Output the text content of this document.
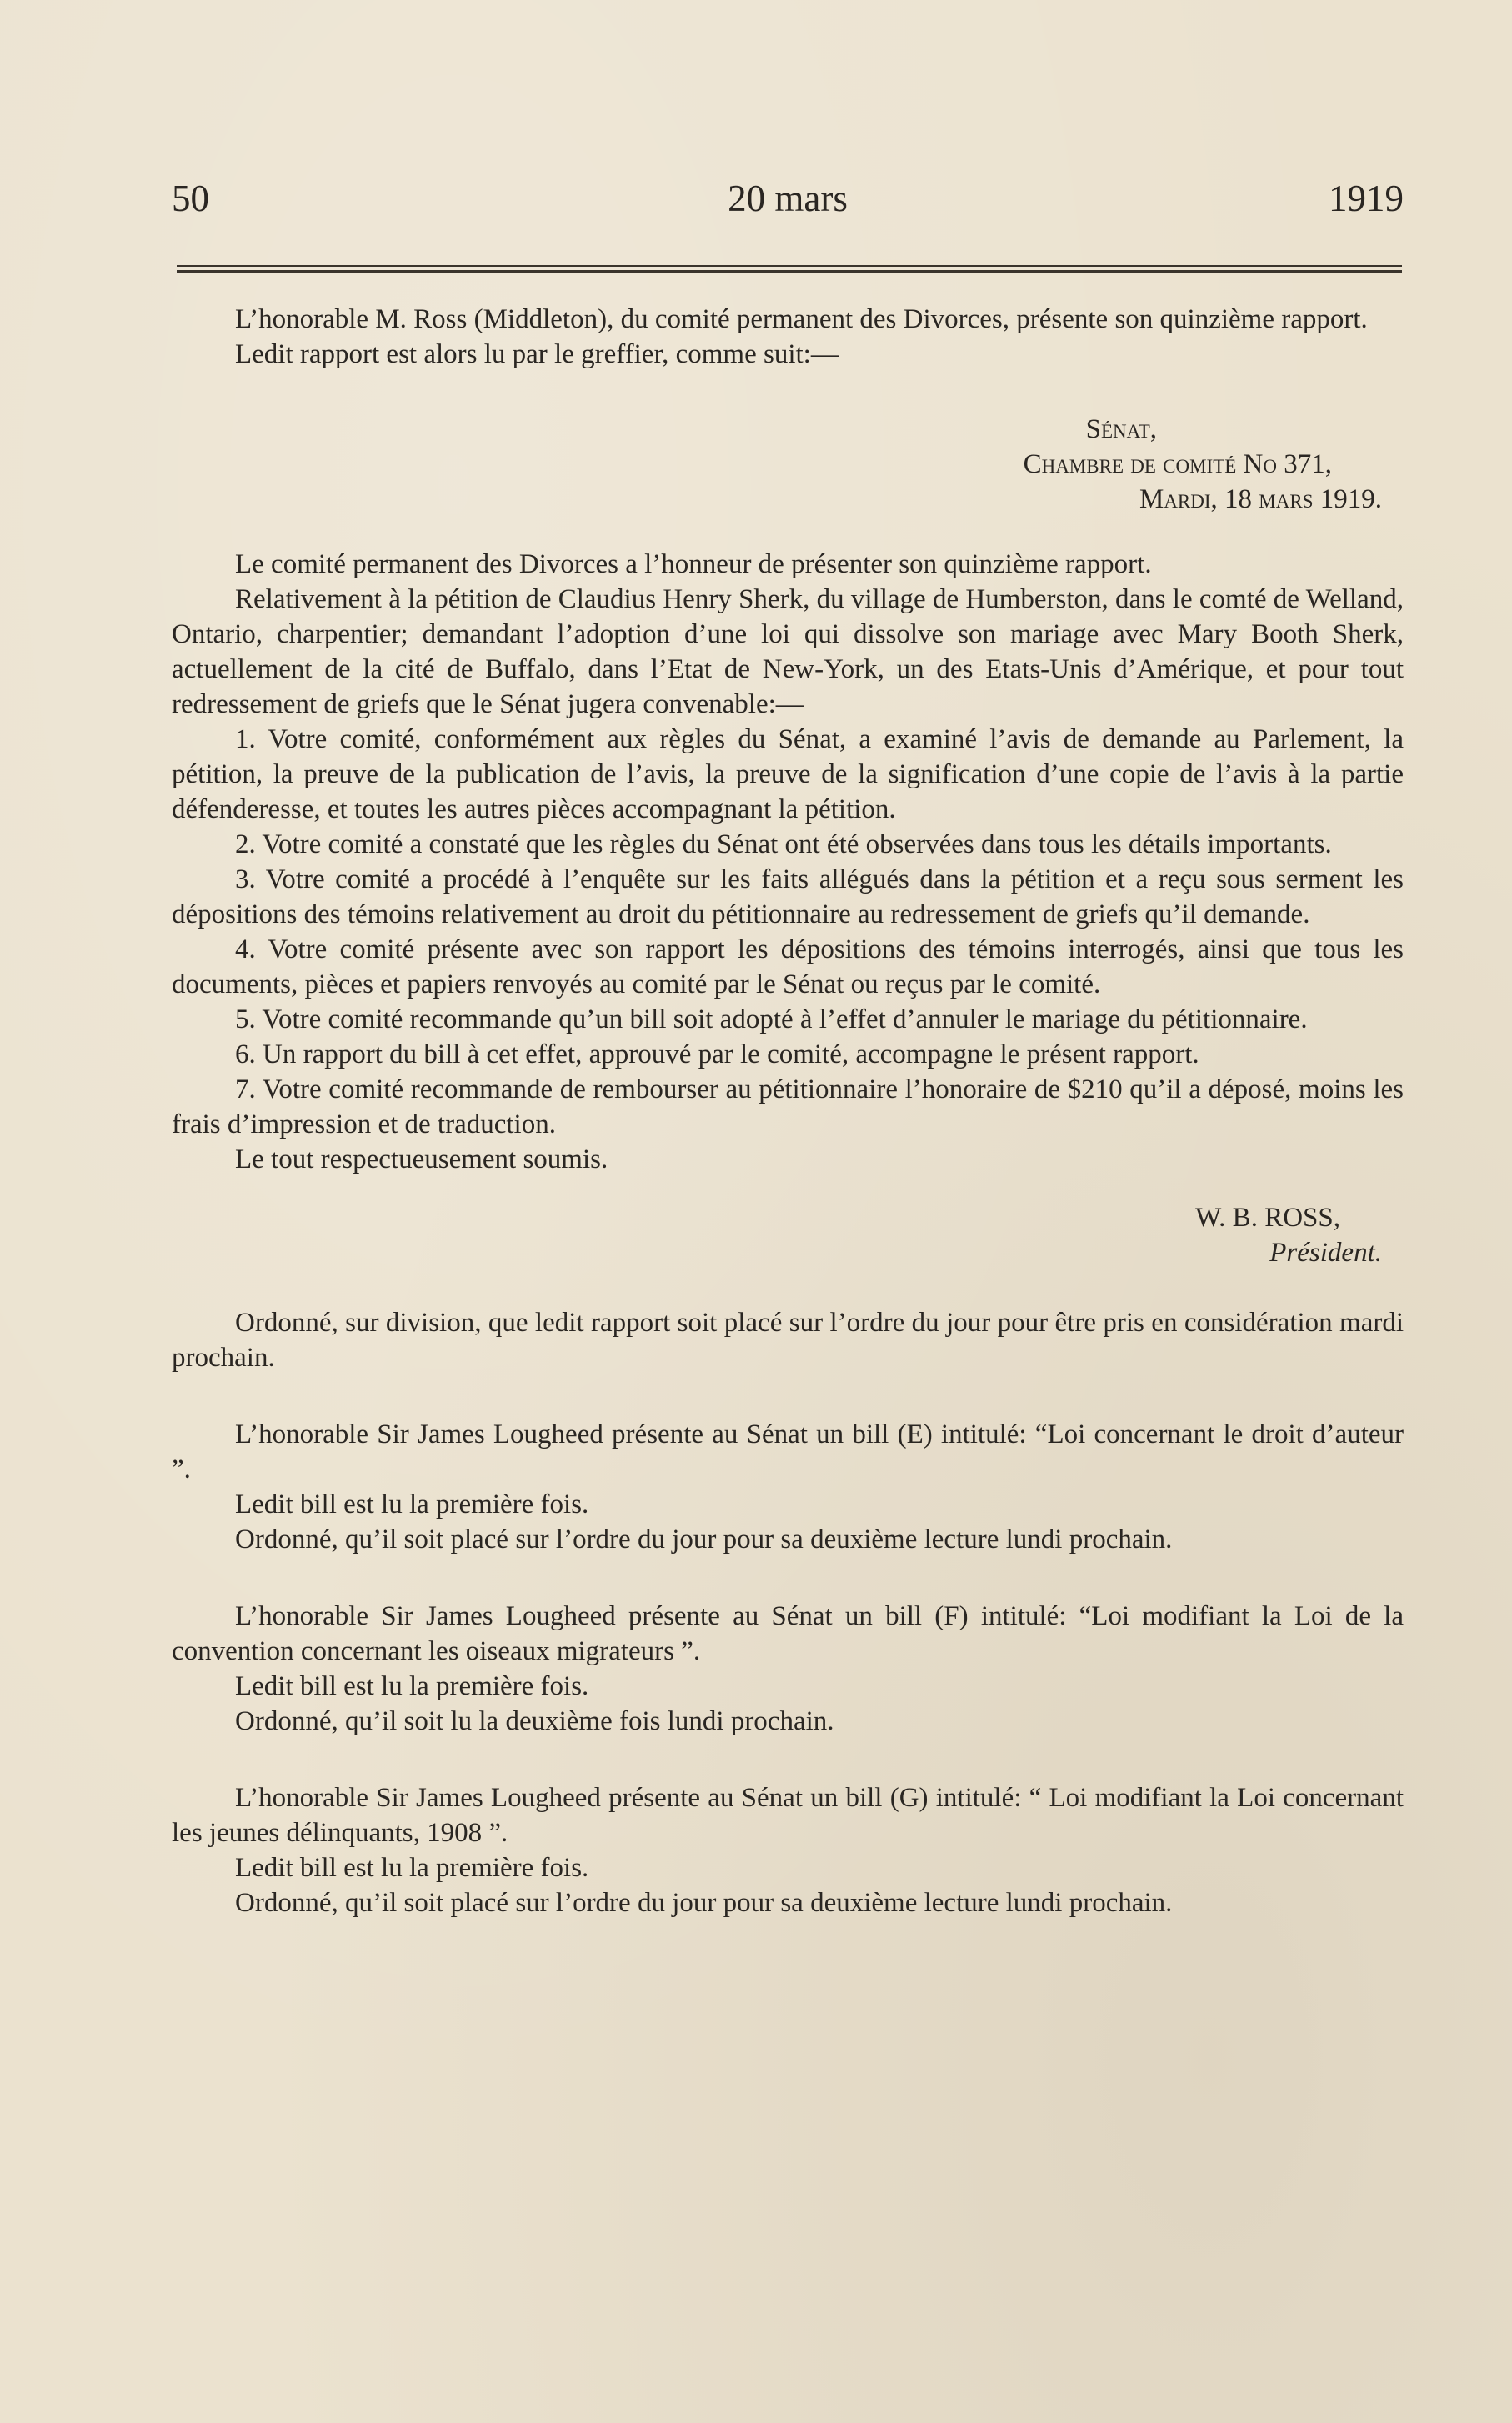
50	20 mars	1919

L’honorable M. Ross (Middleton), du comité permanent des Divorces, présente son quinzième rapport.

Ledit rapport est alors lu par le greffier, comme suit:—

Sénat,

Chambre de comité No 371,

Mardi, 18 mars 1919.

Le comité permanent des Divorces a l’honneur de présenter son quinzième rapport.

Relativement à la pétition de Claudius Henry Sherk, du village de Humberston, dans le comté de Welland, Ontario, charpentier; demandant l’adoption d’une loi qui dissolve son mariage avec Mary Booth Sherk, actuellement de la cité de Buffalo, dans l’Etat de New-York, un des Etats-Unis d’Amérique, et pour tout redressement de griefs que le Sénat jugera convenable:—

1. Votre comité, conformément aux règles du Sénat, a examiné l’avis de demande au Parlement, la pétition, la preuve de la publication de l’avis, la preuve de la signification d’une copie de l’avis à la partie défenderesse, et toutes les autres pièces accompagnant la pétition.

2. Votre comité a constaté que les règles du Sénat ont été observées dans tous les détails importants.

3. Votre comité a procédé à l’enquête sur les faits allégués dans la pétition et a reçu sous serment les dépositions des témoins relativement au droit du pétitionnaire au redressement de griefs qu’il demande.

4. Votre comité présente avec son rapport les dépositions des témoins interrogés, ainsi que tous les documents, pièces et papiers renvoyés au comité par le Sénat ou reçus par le comité.

5. Votre comité recommande qu’un bill soit adopté à l’effet d’annuler le mariage du pétitionnaire.

6. Un rapport du bill à cet effet, approuvé par le comité, accompagne le présent rapport.

7. Votre comité recommande de rembourser au pétitionnaire l’honoraire de $210 qu’il a déposé, moins les frais d’impression et de traduction.

Le tout respectueusement soumis.

W. B. ROSS,

Président.

Ordonné, sur division, que ledit rapport soit placé sur l’ordre du jour pour être pris en considération mardi prochain.

L’honorable Sir James Lougheed présente au Sénat un bill (E) intitulé: “Loi concernant le droit d’auteur ”.

Ledit bill est lu la première fois.

Ordonné, qu’il soit placé sur l’ordre du jour pour sa deuxième lecture lundi prochain.

L’honorable Sir James Lougheed présente au Sénat un bill (F) intitulé: “Loi modifiant la Loi de la convention concernant les oiseaux migrateurs ”.

Ledit bill est lu la première fois.

Ordonné, qu’il soit lu la deuxième fois lundi prochain.

L’honorable Sir James Lougheed présente au Sénat un bill (G) intitulé: “ Loi modifiant la Loi concernant les jeunes délinquants, 1908 ”.

Ledit bill est lu la première fois.

Ordonné, qu’il soit placé sur l’ordre du jour pour sa deuxième lecture lundi prochain.
